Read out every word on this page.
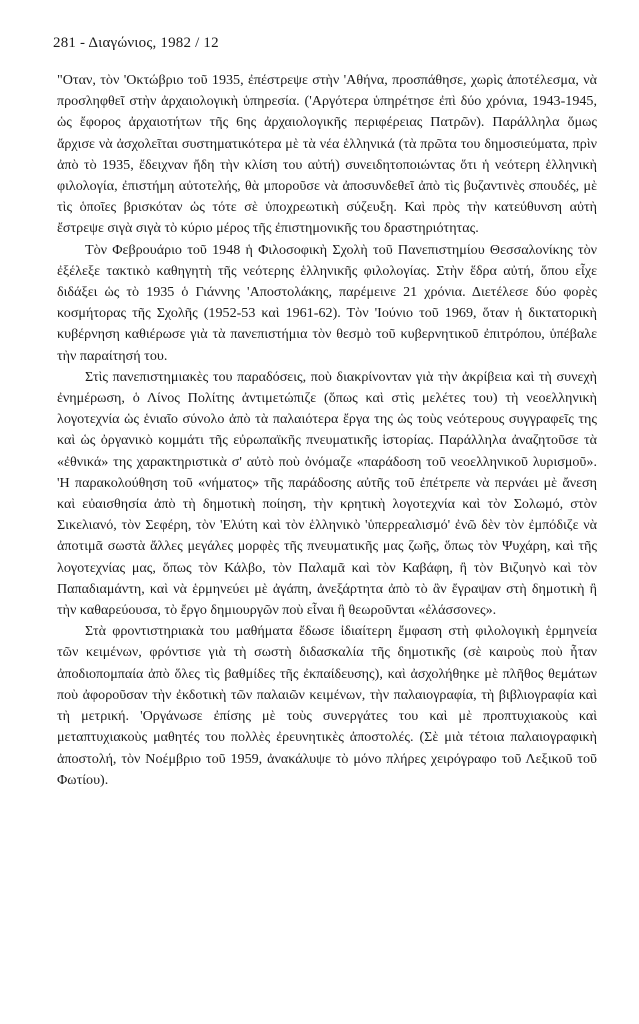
281 - Διαγώνιος, 1982 / 12

"Οταν, τὸν 'Οκτώβριο τοῦ 1935, ἐπέστρεψε στὴν 'Αθήνα, προσπάθησε, χωρὶς ἀποτέλεσμα, νὰ προσληφθεῖ στὴν ἀρχαιολογικὴ ὑπηρεσία. ('Αργότερα ὑπηρέτησε ἐπὶ δύο χρόνια, 1943-1945, ὡς ἔφορος ἀρχαιοτήτων τῆς 6ης ἀρχαιολογικῆς περιφέρειας Πατρῶν). Παράλληλα ὅμως ἄρχισε νὰ ἀσχολεῖται συστηματικότερα μὲ τὰ νέα ἑλληνικά (τὰ πρῶτα του δημοσιεύματα, πρὶν ἀπὸ τὸ 1935, ἔδειχναν ἤδη τὴν κλίση του αὐτή) συνειδητοποιώντας ὅτι ἡ νεότερη ἑλληνικὴ φιλολογία, ἐπιστήμη αὐτοτελής, θὰ μποροῦσε νὰ ἀποσυνδεθεῖ ἀπὸ τὶς βυζαντινὲς σπουδές, μὲ τὶς ὁποῖες βρισκόταν ὡς τότε σὲ ὑποχρεωτικὴ σύζευξη. Καὶ πρὸς τὴν κατεύθυνση αὐτὴ ἔστρεψε σιγὰ σιγὰ τὸ κύριο μέρος τῆς ἐπιστημονικῆς του δραστηριότητας.

Τὸν Φεβρουάριο τοῦ 1948 ἡ Φιλοσοφικὴ Σχολὴ τοῦ Πανεπιστημίου Θεσσαλονίκης τὸν ἐξέλεξε τακτικὸ καθηγητὴ τῆς νεότερης ἑλληνικῆς φιλολογίας. Στὴν ἕδρα αὐτή, ὅπου εἶχε διδάξει ὡς τὸ 1935 ὁ Γιάννης 'Αποστολάκης, παρέμεινε 21 χρόνια. Διετέλεσε δύο φορὲς κοσμήτορας τῆς Σχολῆς (1952-53 καὶ 1961-62). Τὸν 'Ιούνιο τοῦ 1969, ὅταν ἡ δικτατορικὴ κυβέρνηση καθιέρωσε γιὰ τὰ πανεπιστήμια τὸν θεσμὸ τοῦ κυβερνητικοῦ ἐπιτρόπου, ὑπέβαλε τὴν παραίτησή του.

Στὶς πανεπιστημιακὲς του παραδόσεις, ποὺ διακρίνονταν γιὰ τὴν ἀκρίβεια καὶ τὴ συνεχὴ ἐνημέρωση, ὁ Λίνος Πολίτης ἀντιμετώπιζε (ὅπως καὶ στὶς μελέτες του) τὴ νεοελληνικὴ λογοτεχνία ὡς ἑνιαῖο σύνολο ἀπὸ τὰ παλαιότερα ἔργα της ὡς τοὺς νεότερους συγγραφεῖς της καὶ ὡς ὀργανικὸ κομμάτι τῆς εὐρωπαϊκῆς πνευματικῆς ἱστορίας. Παράλληλα ἀναζητοῦσε τὰ «ἐθνικά» της χαρακτηριστικὰ σ' αὐτὸ ποὺ ὀνόμαζε «παράδοση τοῦ νεοελληνικοῦ λυρισμοῦ». 'Η παρακολούθηση τοῦ «νήματος» τῆς παράδοσης αὐτῆς τοῦ ἐπέτρεπε νὰ περνάει μὲ ἄνεση καὶ εὐαισθησία ἀπὸ τὴ δημοτικὴ ποίηση, τὴν κρητικὴ λογοτεχνία καὶ τὸν Σολωμό, στὸν Σικελιανό, τὸν Σεφέρη, τὸν 'Ελύτη καὶ τὸν ἑλληνικὸ 'ὑπερρεαλισμό' ἐνῶ δὲν τὸν ἐμπόδιζε νὰ ἀποτιμᾶ σωστὰ ἄλλες μεγάλες μορφὲς τῆς πνευματικῆς μας ζωῆς, ὅπως τὸν Ψυχάρη, καὶ τῆς λογοτεχνίας μας, ὅπως τὸν Κάλβο, τὸν Παλαμᾶ καὶ τὸν Καβάφη, ἢ τὸν Βιζυηνὸ καὶ τὸν Παπαδιαμάντη, καὶ νὰ ἑρμηνεύει μὲ ἀγάπη, ἀνεξάρτητα ἀπὸ τὸ ἂν ἔγραψαν στὴ δημοτικὴ ἢ τὴν καθαρεύουσα, τὸ ἔργο δημιουργῶν ποὺ εἶναι ἢ θεωροῦνται «ἐλάσσονες».

Στὰ φροντιστηριακὰ του μαθήματα ἔδωσε ἰδιαίτερη ἔμφαση στὴ φιλολογικὴ ἑρμηνεία τῶν κειμένων, φρόντισε γιὰ τὴ σωστὴ διδασκαλία τῆς δημοτικῆς (σὲ καιροὺς ποὺ ἦταν ἀποδιοπομπαία ἀπὸ ὅλες τὶς βαθμίδες τῆς ἐκπαίδευσης), καὶ ἀσχολήθηκε μὲ πλῆθος θεμάτων ποὺ ἀφοροῦσαν τὴν ἐκδοτικὴ τῶν παλαιῶν κειμένων, τὴν παλαιογραφία, τὴ βιβλιογραφία καὶ τὴ μετρική. 'Οργάνωσε ἐπίσης μὲ τοὺς συνεργάτες του καὶ μὲ προπτυχιακοὺς καὶ μεταπτυχιακοὺς μαθητές του πολλὲς ἐρευνητικὲς ἀποστολές. (Σὲ μιὰ τέτοια παλαιογραφικὴ ἀποστολή, τὸν Νοέμβριο τοῦ 1959, ἀνακάλυψε τὸ μόνο πλήρες χειρόγραφο τοῦ Λεξικοῦ τοῦ Φωτίου).
